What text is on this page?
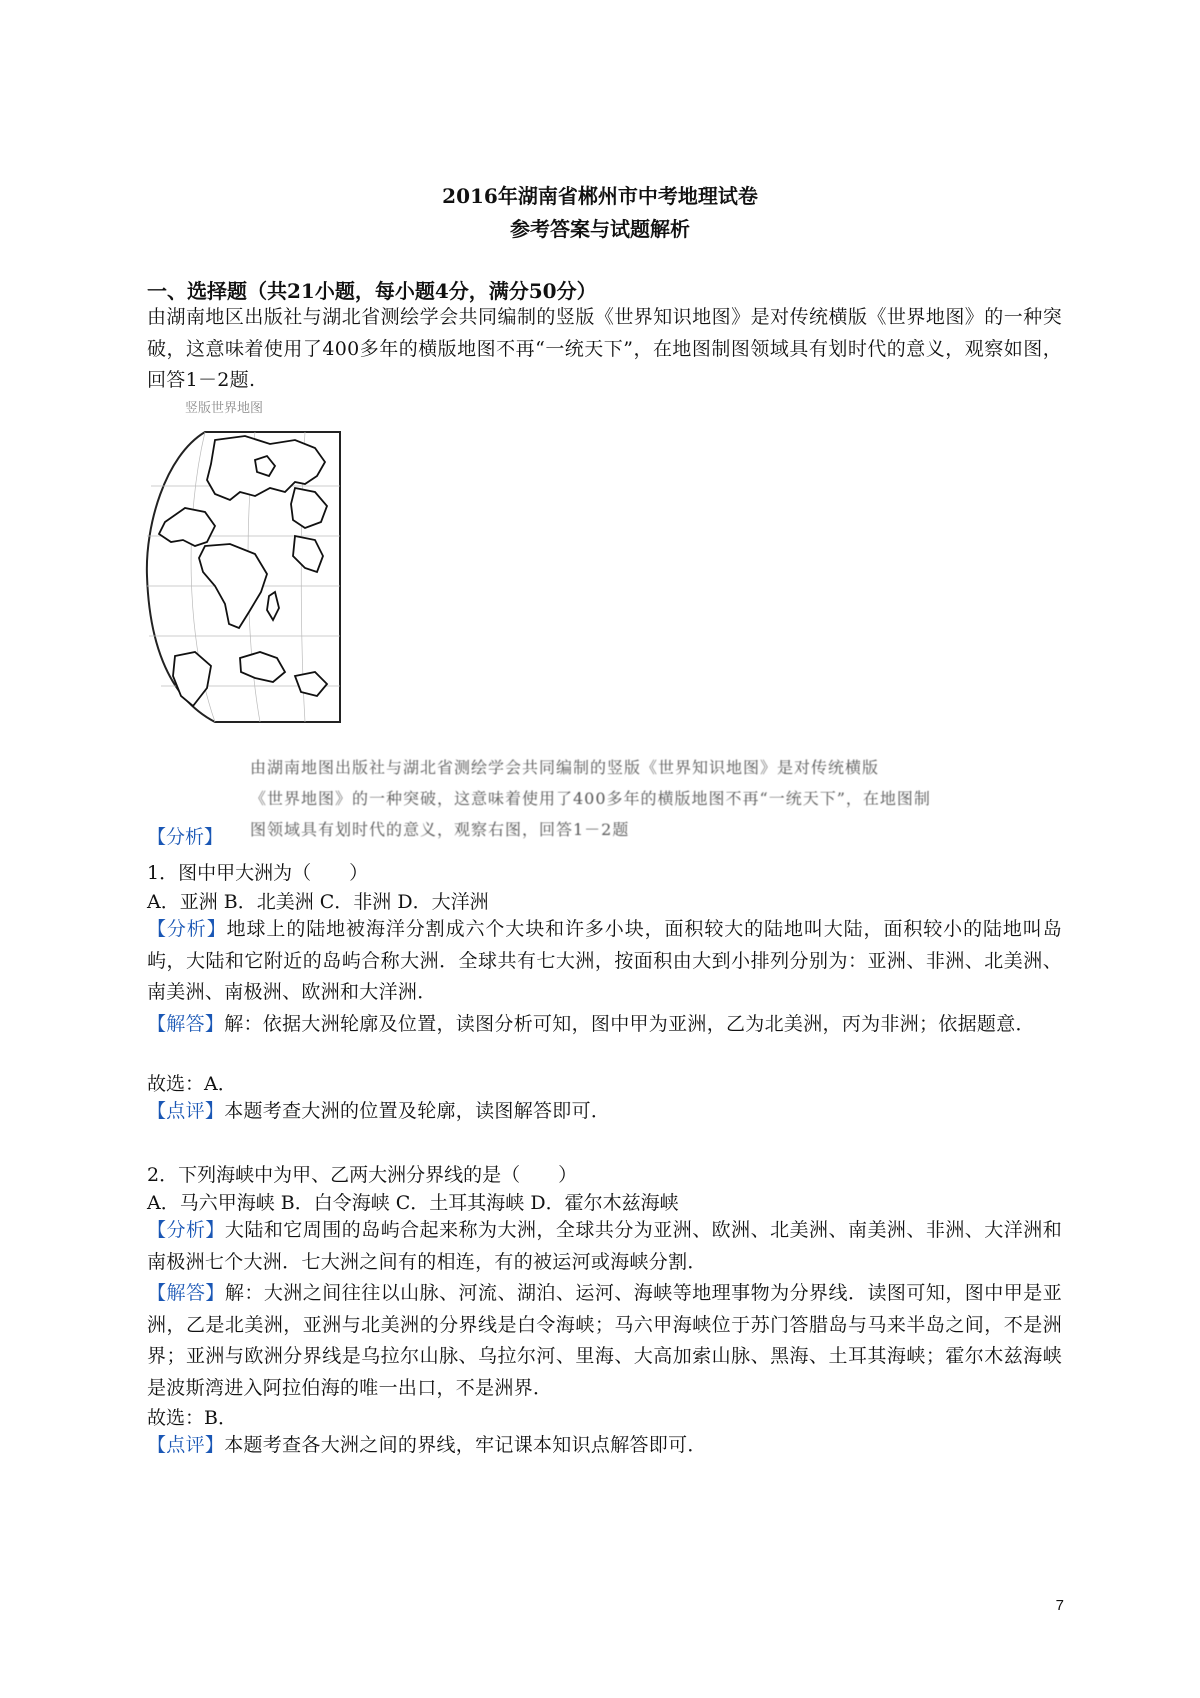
2016年湖南省郴州市中考地理试卷
参考答案与试题解析
一、选择题（共21小题，每小题4分，满分50分）
由湖南地区出版社与湖北省测绘学会共同编制的竖版《世界知识地图》是对传统横版《世界地图》的一种突破，这意味着使用了400多年的横版地图不再“一统天下”，在地图制图领域具有划时代的意义，观察如图，回答1－2题.
竖版世界地图
由湖南地图出版社与湖北省测绘学会共同编制的竖版《世界知识地图》是对传统横版
《世界地图》的一种突破，这意味着使用了400多年的横版地图不再“一统天下”，在地图制
图领域具有划时代的意义，观察右图，回答1－2题
【分析】
1．图中甲大洲为（　　）
A．亚洲 B．北美洲 C．非洲 D．大洋洲
【分析】地球上的陆地被海洋分割成六个大块和许多小块，面积较大的陆地叫大陆，面积较小的陆地叫岛屿，大陆和它附近的岛屿合称大洲．全球共有七大洲，按面积由大到小排列分别为：亚洲、非洲、北美洲、南美洲、南极洲、欧洲和大洋洲．
【解答】解：依据大洲轮廓及位置，读图分析可知，图中甲为亚洲，乙为北美洲，丙为非洲；依据题意．
故选：A．
【点评】本题考查大洲的位置及轮廓，读图解答即可．
2．下列海峡中为甲、乙两大洲分界线的是（　　）
A．马六甲海峡 B．白令海峡 C．土耳其海峡 D．霍尔木兹海峡
【分析】大陆和它周围的岛屿合起来称为大洲，全球共分为亚洲、欧洲、北美洲、南美洲、非洲、大洋洲和南极洲七个大洲．七大洲之间有的相连，有的被运河或海峡分割．
【解答】解：大洲之间往往以山脉、河流、湖泊、运河、海峡等地理事物为分界线．读图可知，图中甲是亚洲，乙是北美洲，亚洲与北美洲的分界线是白令海峡；马六甲海峡位于苏门答腊岛与马来半岛之间，不是洲界；亚洲与欧洲分界线是乌拉尔山脉、乌拉尔河、里海、大高加索山脉、黑海、土耳其海峡；霍尔木兹海峡是波斯湾进入阿拉伯海的唯一出口，不是洲界．
故选：B．
【点评】本题考查各大洲之间的界线，牢记课本知识点解答即可．
7
